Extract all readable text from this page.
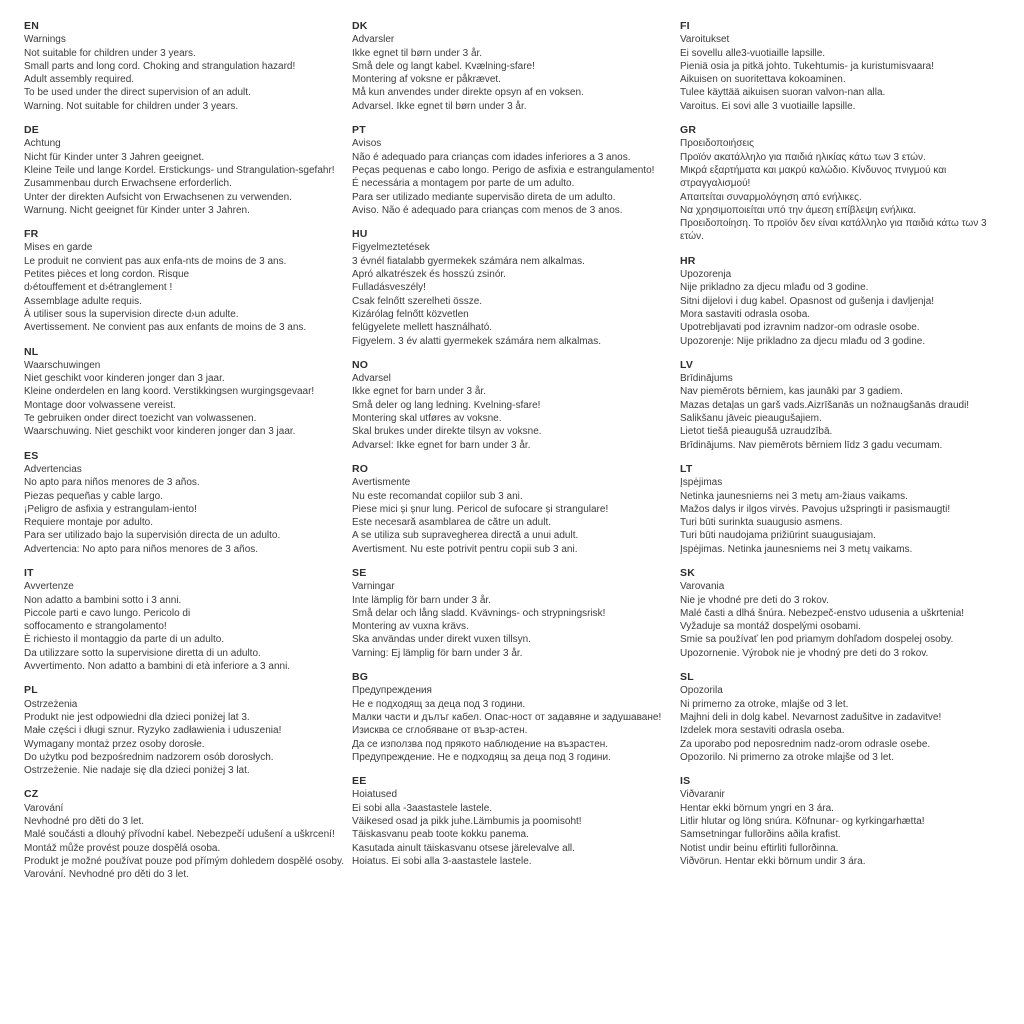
EN
Warnings
Not suitable for children under 3 years.
Small parts and long cord. Choking and strangulation hazard!
Adult assembly required.
To be used under the direct supervision of an adult.
Warning. Not suitable for children under 3 years.
DE
Achtung
Nicht für Kinder unter 3 Jahren geeignet.
Kleine Teile und lange Kordel. Erstickungs- und Strangulation-sgefahr!
Zusammenbau durch Erwachsene erforderlich.
Unter der direkten Aufsicht von Erwachsenen zu verwenden.
Warnung. Nicht geeignet für Kinder unter 3 Jahren.
FR
Mises en garde
Le produit ne convient pas aux enfa-nts de moins de 3 ans.
Petites pièces et long cordon. Risque
d›étouffement et d›étranglement !
Assemblage adulte requis.
À utiliser sous la supervision directe d›un adulte.
Avertissement. Ne convient pas aux enfants de moins de 3 ans.
NL
Waarschuwingen
Niet geschikt voor kinderen jonger dan 3 jaar.
Kleine onderdelen en lang koord. Verstikkingsen wurgingsgevaar!
Montage door volwassene vereist.
Te gebruiken onder direct toezicht van volwassenen.
Waarschuwing. Niet geschikt voor kinderen jonger dan 3 jaar.
ES
Advertencias
No apto para niños menores de 3 años.
Piezas pequeñas y cable largo.
¡Peligro de asfixia y estrangulam-iento!
Requiere montaje por adulto.
Para ser utilizado bajo la supervisión directa de un adulto.
Advertencia: No apto para niños menores de 3 años.
IT
Avvertenze
Non adatto a bambini sotto i 3 anni.
Piccole parti e cavo lungo. Pericolo di
soffocamento e strangolamento!
È richiesto il montaggio da parte di un adulto.
Da utilizzare sotto la supervisione diretta di un adulto.
Avvertimento. Non adatto a bambini di età inferiore a 3 anni.
PL
Ostrzeżenia
Produkt nie jest odpowiedni dla dzieci poniżej lat 3.
Małe części i długi sznur. Ryzyko zadławienia i uduszenia!
Wymagany montaż przez osoby dorosłe.
Do użytku pod bezpośrednim nadzorem osób dorosłych.
Ostrzeżenie. Nie nadaje się dla dzieci poniżej 3 lat.
CZ
Varování
Nevhodné pro děti do 3 let.
Malé součásti a dlouhý přívodní kabel. Nebezpečí udušení a uškrcení!
Montáž může provést pouze dospělá osoba.
Produkt je možné používat pouze pod přímým dohledem dospělé osoby.
Varování. Nevhodné pro děti do 3 let.
DK
Advarsler
Ikke egnet til børn under 3 år.
Små dele og langt kabel. Kvælning-sfare!
Montering af voksne er påkrævet.
Må kun anvendes under direkte opsyn af en voksen.
Advarsel. Ikke egnet til børn under 3 år.
PT
Avisos
Não é adequado para crianças com idades inferiores a 3 anos.
Peças pequenas e cabo longo. Perigo de asfixia e estrangulamento!
É necessária a montagem por parte de um adulto.
Para ser utilizado mediante supervisão direta de um adulto.
Aviso. Não é adequado para crianças com menos de 3 anos.
HU
Figyelmeztetések
3 évnél fiatalabb gyermekek számára nem alkalmas.
Apró alkatrészek és hosszú zsinór.
Fulladásveszély!
Csak felnőtt szerelheti össze.
Kizárólag felnőtt közvetlen
felügyelete mellett használható.
Figyelem. 3 év alatti gyermekek számára nem alkalmas.
NO
Advarsel
Ikke egnet for barn under 3 år.
Små deler og lang ledning. Kvelning-sfare!
Montering skal utføres av voksne.
Skal brukes under direkte tilsyn av voksne.
Advarsel: Ikke egnet for barn under 3 år.
RO
Avertismente
Nu este recomandat copiilor sub 3 ani.
Piese mici și șnur lung. Pericol de sufocare și strangulare!
Este necesară asamblarea de către un adult.
A se utiliza sub supravegherea directă a unui adult.
Avertisment. Nu este potrivit pentru copii sub 3 ani.
SE
Varningar
Inte lämplig för barn under 3 år.
Små delar och lång sladd. Kvävnings- och strypningsrisk!
Montering av vuxna krävs.
Ska användas under direkt vuxen tillsyn.
Varning: Ej lämplig för barn under 3 år.
BG
Предупреждения
Не е подходящ за деца под 3 години.
Малки части и дълъг кабел. Опас-ност от задавяне и задушаване!
Изисква се сглобяване от възр-астен.
Да се използва под прякото наблюдение на възрастен.
Предупреждение. Не е подходящ за деца под 3 години.
EE
Hoiatused
Ei sobi alla -3aastastele lastele.
Väikesed osad ja pikk juhe.Lämbumis ja poomisoht!
Täiskasvanu peab toote kokku panema.
Kasutada ainult täiskasvanu otsese järelevalve all.
Hoiatus. Ei sobi alla 3-aastastele lastele.
FI
Varoitukset
Ei sovellu alle3-vuotiaille lapsille.
Pieniä osia ja pitkä johto. Tukehtumis- ja kuristumisvaara!
Aikuisen on suoritettava kokoaminen.
Tulee käyttää aikuisen suoran valvon-nan alla.
Varoitus. Ei sovi alle 3 vuotiaille lapsille.
GR
Προειδοποιήσεις
Προϊόν ακατάλληλο για παιδιά ηλικίας κάτω των 3 ετών.
Μικρά εξαρτήματα και μακρύ καλώδιο. Κίνδυνος πνιγμού και
στραγγαλισμού!
Απαιτείται συναρμολόγηση από ενήλικες.
Να χρησιμοποιείται υπό την άμεση επίβλεψη ενήλικα.
Προειδοποίηση. Το προϊόν δεν είναι κατάλληλο για παιδιά κάτω των 3
ετών.
HR
Upozorenja
Nije prikladno za djecu mlađu od 3 godine.
Sitni dijelovi i dug kabel. Opasnost od gušenja i davljenja!
Mora sastaviti odrasla osoba.
Upotrebljavati pod izravnim nadzor-om odrasle osobe.
Upozorenje: Nije prikladno za djecu mlađu od 3 godine.
LV
Brīdinājums
Nav piemērots bērniem, kas jaunāki par 3 gadiem.
Mazas detaļas un garš vads.Aizrīšanās un nožnaugšanās draudi!
Salikšanu jāveic pieaugušajiem.
Lietot tiešā pieaugušā uzraudzībā.
Brīdinājums. Nav piemērots bērniem līdz 3 gadu vecumam.
LT
Įspėjimas
Netinka jaunesniems nei 3 metų am-žiaus vaikams.
Mažos dalys ir ilgos virvės. Pavojus užspringti ir pasismaugti!
Turi būti surinkta suaugusio asmens.
Turi būti naudojama prižiūrint suaugusiajam.
Įspėjimas. Netinka jaunesniems nei 3 metų vaikams.
SK
Varovania
Nie je vhodné pre deti do 3 rokov.
Malé časti a dlhá šnúra. Nebezpeč-enstvo udusenia a uškrtenia!
Vyžaduje sa montáž dospelými osobami.
Smie sa používať len pod priamym dohľadom dospelej osoby.
Upozornenie. Výrobok nie je vhodný pre deti do 3 rokov.
SL
Opozorila
Ni primerno za otroke, mlajše od 3 let.
Majhni deli in dolg kabel. Nevarnost zadušitve in zadavitve!
Izdelek mora sestaviti odrasla oseba.
Za uporabo pod neposrednim nadz-orom odrasle osebe.
Opozorilo. Ni primerno za otroke mlajše od 3 let.
IS
Viðvaranir
Hentar ekki börnum yngri en 3 ára.
Litlir hlutar og löng snúra. Köfnunar- og kyrkingarhætta!
Samsetningar fullorðins aðila krafist.
Notist undir beinu eftirliti fullorðinna.
Viðvörun. Hentar ekki börnum undir 3 ára.
